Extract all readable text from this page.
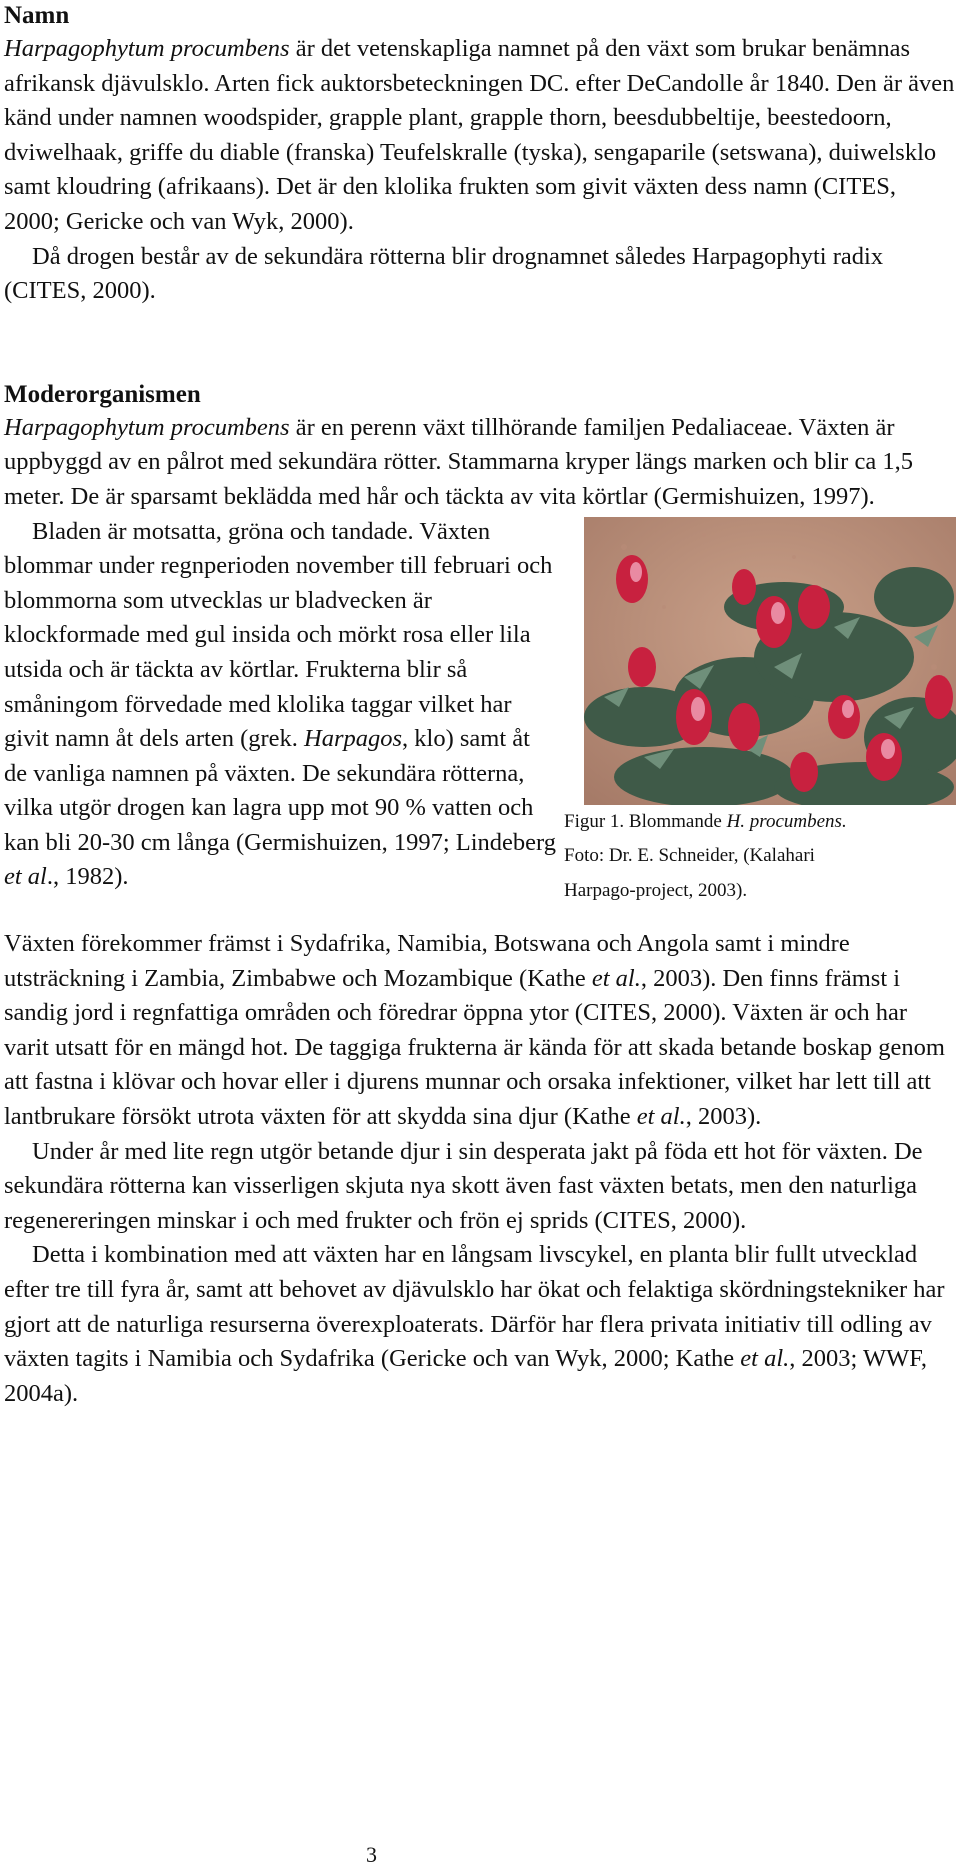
Namn

Harpagophytum procumbens är det vetenskapliga namnet på den växt som brukar benämnas afrikansk djävulsklo. Arten fick auktorsbeteckningen DC. efter DeCandolle år 1840. Den är även känd under namnen woodspider, grapple plant, grapple thorn, beesdubbeltije, beestedoorn, dviwelhaak, griffe du diable (franska) Teufelskralle (tyska), sengaparile (setswana), duiwelsklo samt kloudring (afrikaans). Det är den klolika frukten som givit växten dess namn (CITES, 2000; Gericke och van Wyk, 2000).

Då drogen består av de sekundära rötterna blir drognamnet således Harpagophyti radix (CITES, 2000).

Moderorganismen

Harpagophytum procumbens är en perenn växt tillhörande familjen Pedaliaceae. Växten är uppbyggd av en pålrot med sekundära rötter. Stammarna kryper längs marken och blir ca 1,5 meter. De är sparsamt beklädda med hår och täckta av vita körtlar (Germishuizen, 1997).

Figur 1. Blommande H. procumbens.
Foto: Dr. E. Schneider, (Kalahari
Harpago-project, 2003).

Bladen är motsatta, gröna och tandade. Växten blommar under regnperioden november till februari och blommorna som utvecklas ur bladvecken är klockformade med gul insida och mörkt rosa eller lila utsida och är täckta av körtlar. Frukterna blir så småningom förvedade med klolika taggar vilket har givit namn åt dels arten (grek. Harpagos, klo) samt åt de vanliga namnen på växten. De sekundära rötterna, vilka utgör drogen kan lagra upp mot 90 % vatten och kan bli 20-30 cm långa (Germishuizen, 1997; Lindeberg et al., 1982).

Växten förekommer främst i Sydafrika, Namibia, Botswana och Angola samt i mindre utsträckning i Zambia, Zimbabwe och Mozambique (Kathe et al., 2003). Den finns främst i sandig jord i regnfattiga områden och föredrar öppna ytor (CITES, 2000). Växten är och har varit utsatt för en mängd hot. De taggiga frukterna är kända för att skada betande boskap genom att fastna i klövar och hovar eller i djurens munnar och orsaka infektioner, vilket har lett till att lantbrukare försökt utrota växten för att skydda sina djur (Kathe et al., 2003).

Under år med lite regn utgör betande djur i sin desperata jakt på föda ett hot för växten. De sekundära rötterna kan visserligen skjuta nya skott även fast växten betats, men den naturliga regenereringen minskar i och med frukter och frön ej sprids (CITES, 2000).

Detta i kombination med att växten har en långsam livscykel, en planta blir fullt utvecklad efter tre till fyra år, samt att behovet av djävulsklo har ökat och felaktiga skördningstekniker har gjort att de naturliga resurserna överexploaterats. Därför har flera privata initiativ till odling av växten tagits i Namibia och Sydafrika (Gericke och van Wyk, 2000; Kathe et al., 2003; WWF, 2004a).

3
